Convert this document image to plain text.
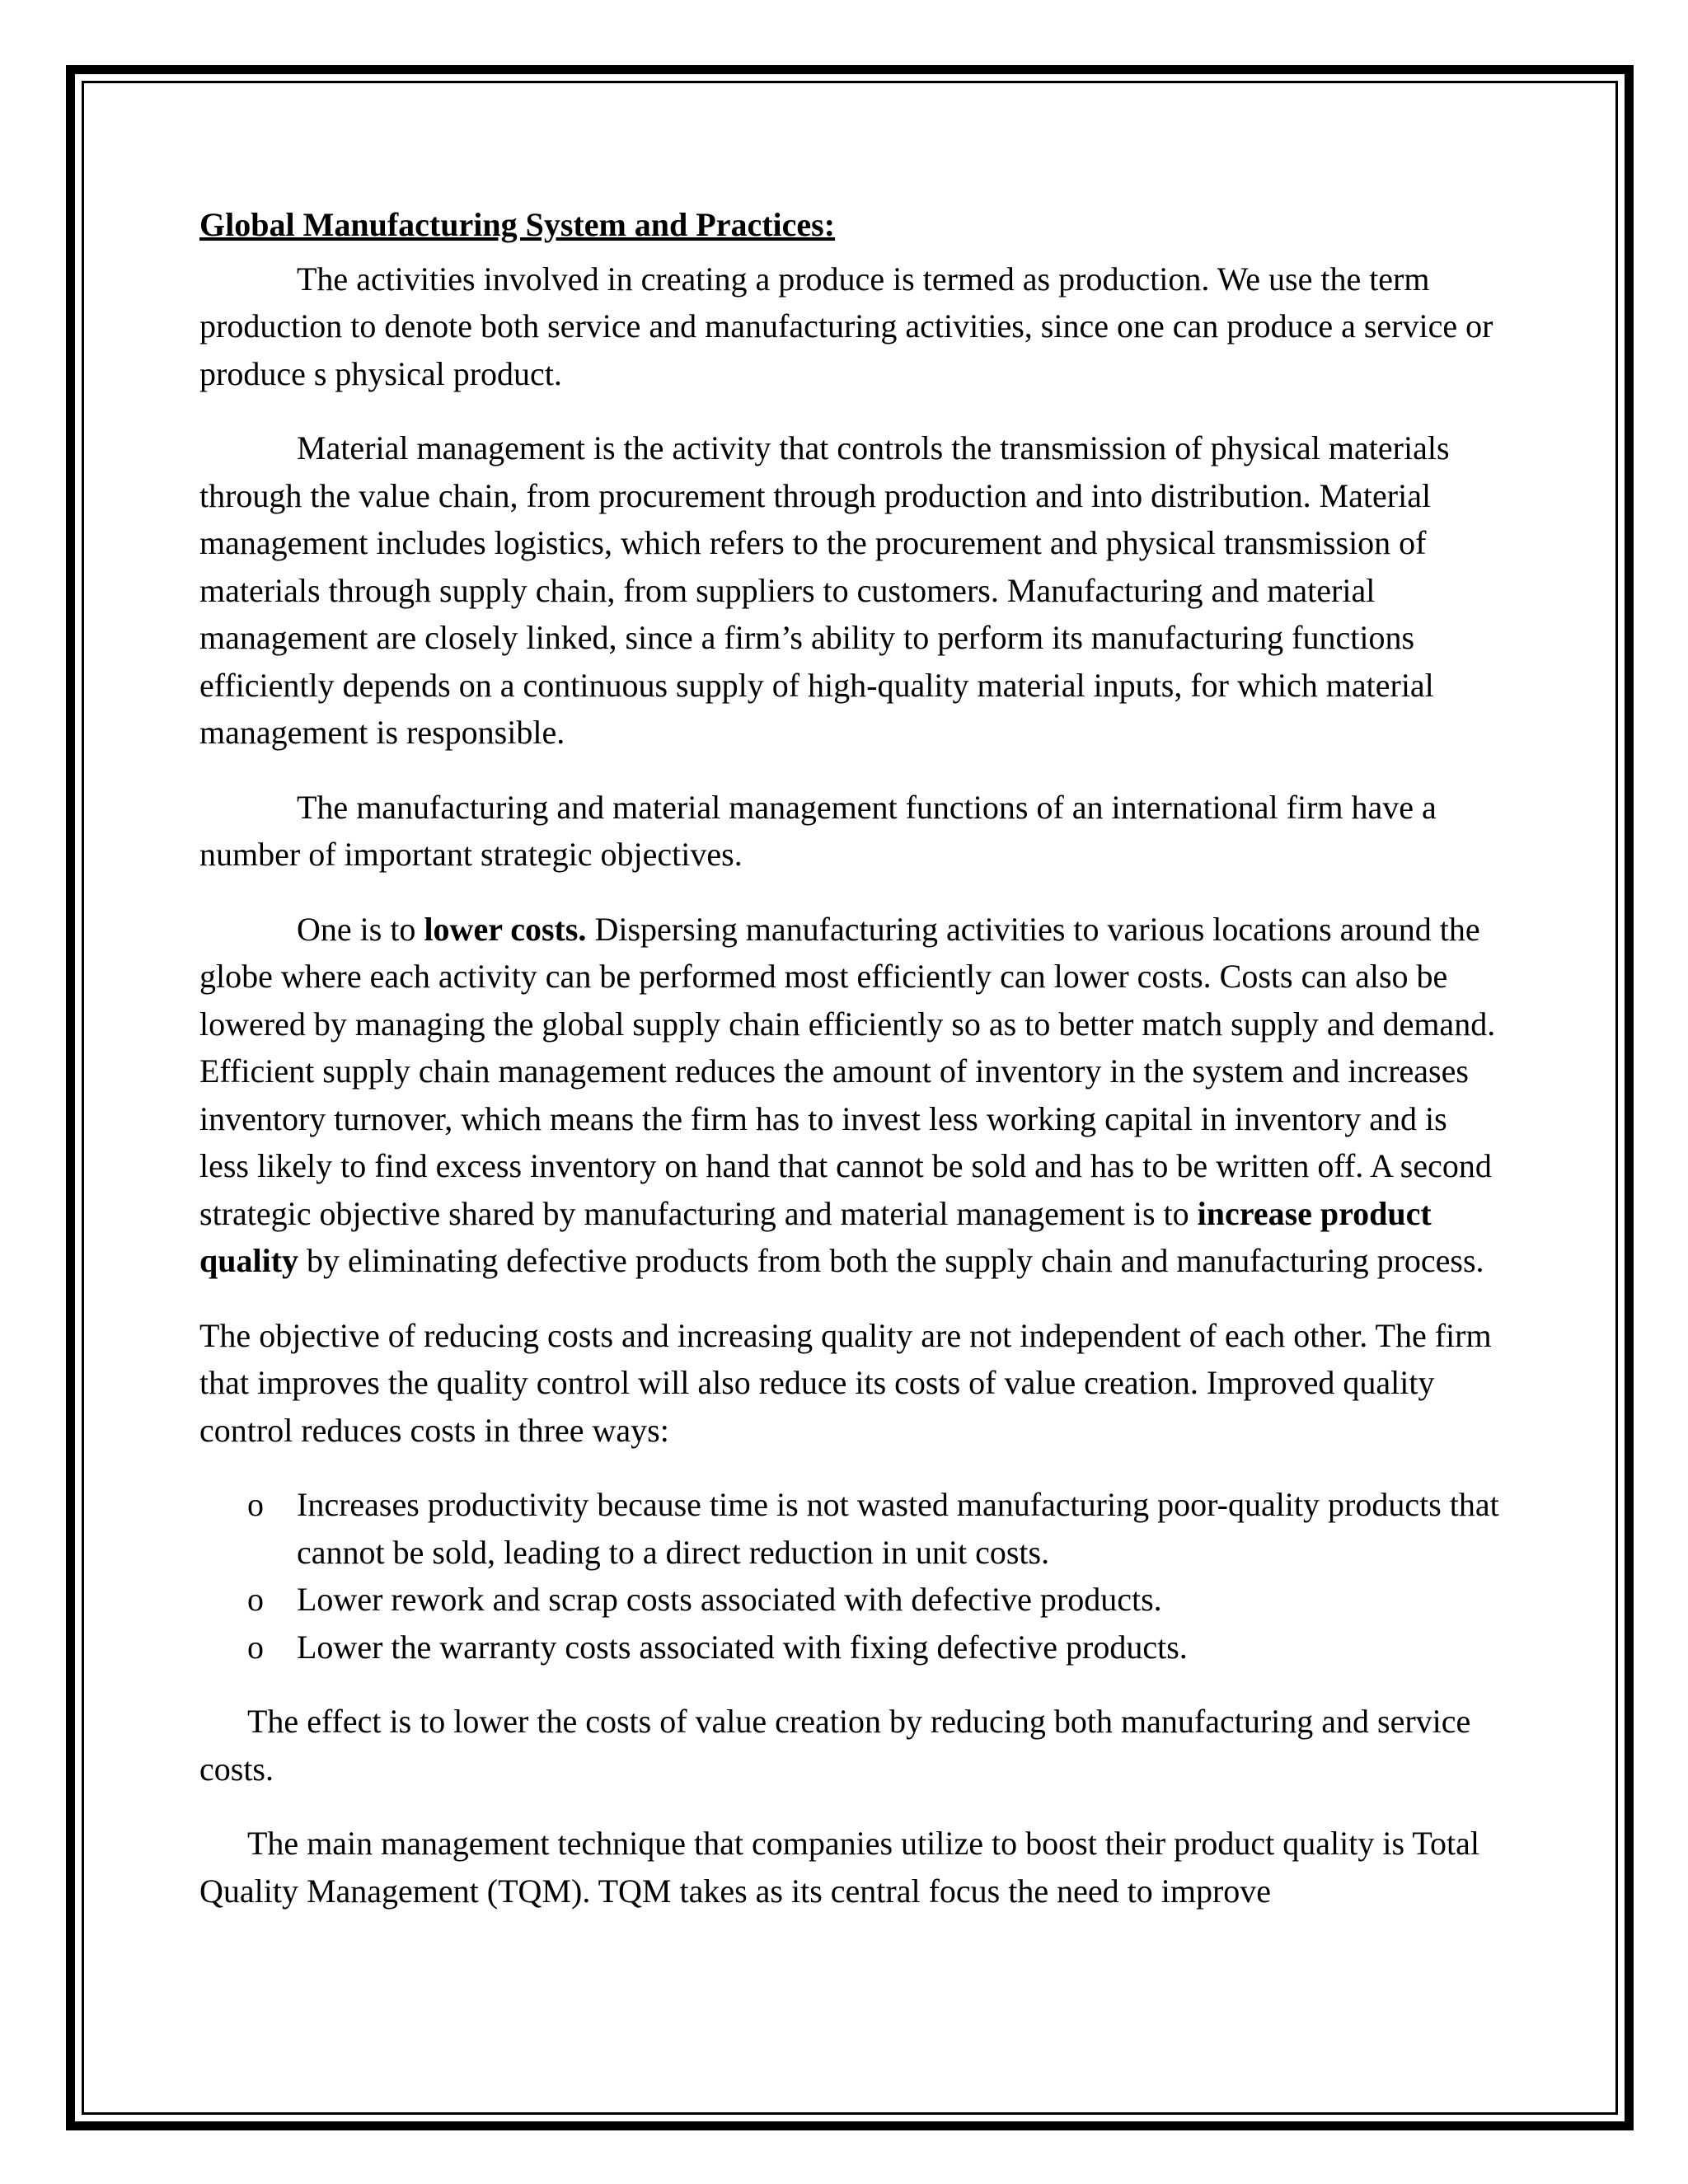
Global Manufacturing System and Practices:

The activities involved in creating a produce is termed as production. We use the term production to denote both service and manufacturing activities, since one can produce a service or produce s physical product.

Material management is the activity that controls the transmission of physical materials through the value chain, from procurement through production and into distribution. Material management includes logistics, which refers to the procurement and physical transmission of materials through supply chain, from suppliers to customers. Manufacturing and material management are closely linked, since a firm’s ability to perform its manufacturing functions efficiently depends on a continuous supply of high-quality material inputs, for which material management is responsible.

The manufacturing and material management functions of an international firm have a number of important strategic objectives.

One is to lower costs. Dispersing manufacturing activities to various locations around the globe where each activity can be performed most efficiently can lower costs. Costs can also be lowered by managing the global supply chain efficiently so as to better match supply and demand. Efficient supply chain management reduces the amount of inventory in the system and increases inventory turnover, which means the firm has to invest less working capital in inventory and is less likely to find excess inventory on hand that cannot be sold and has to be written off. A second strategic objective shared by manufacturing and material management is to increase product quality by eliminating defective products from both the supply chain and manufacturing process.

The objective of reducing costs and increasing quality are not independent of each other. The firm that improves the quality control will also reduce its costs of value creation. Improved quality control reduces costs in three ways:

o Increases productivity because time is not wasted manufacturing poor-quality products that cannot be sold, leading to a direct reduction in unit costs.
o Lower rework and scrap costs associated with defective products.
o Lower the warranty costs associated with fixing defective products.

The effect is to lower the costs of value creation by reducing both manufacturing and service costs.

The main management technique that companies utilize to boost their product quality is Total Quality Management (TQM). TQM takes as its central focus the need to improve
